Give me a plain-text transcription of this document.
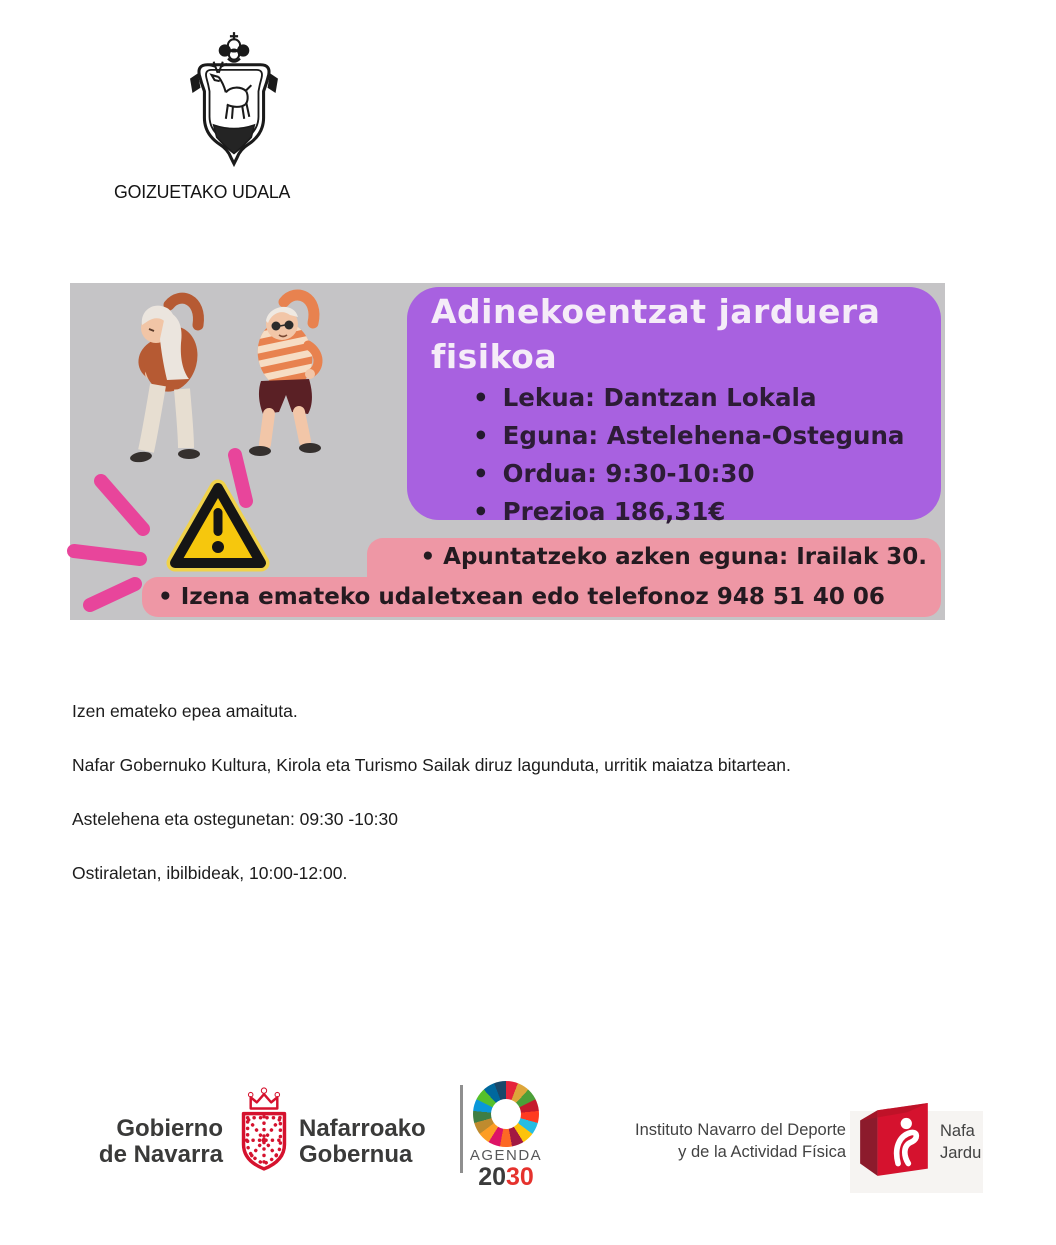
GOIZUETAKO UDALA
Adinekoentzat jarduera
fisikoa
• Lekua: Dantzan Lokala
• Eguna: Astelehena-Osteguna
• Ordua: 9:30-10:30
• Prezioa 186,31€
• Apuntatzeko azken eguna: Irailak 30.
• Izena emateko udaletxean edo telefonoz 948 51 40 06
Izen emateko epea amaituta.
Nafar Gobernuko Kultura, Kirola eta Turismo Sailak diruz lagunduta, urritik maiatza bitartean.
Astelehena eta ostegunetan: 09:30 -10:30
Ostiraletan, ibilbideak, 10:00-12:00.
Gobierno
de Navarra
Nafarroako
Gobernua	AGENDA
2030
Instituto Navarro del Deporte
y de la Actividad Física
Nafa
Jardu
